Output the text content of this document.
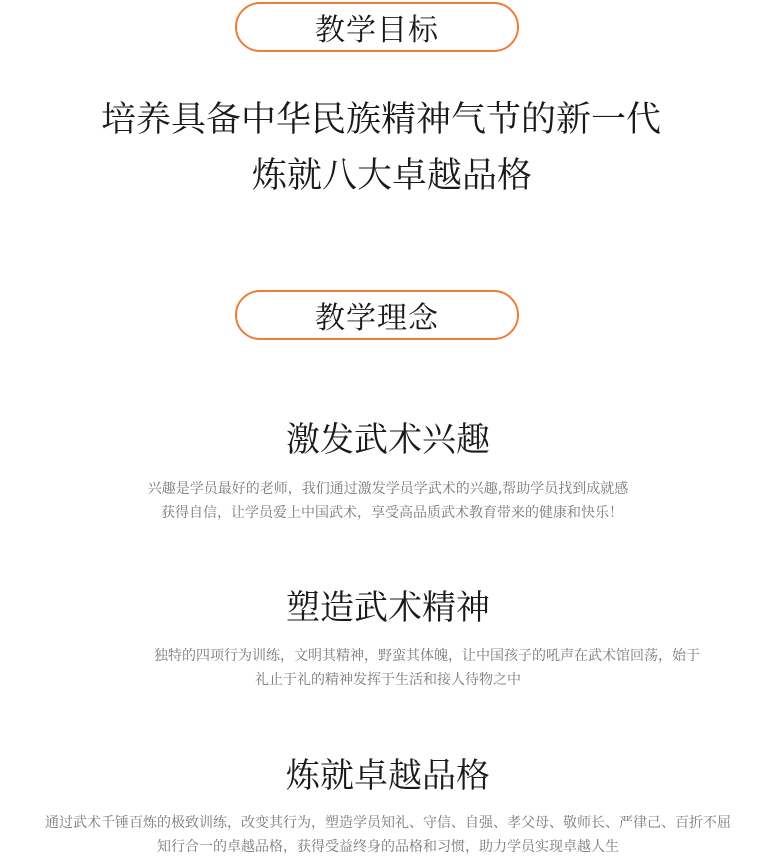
教学目标
培养具备中华民族精神气节的新一代
炼就八大卓越品格
教学理念
激发武术兴趣
兴趣是学员最好的老师，我们通过激发学员学武术的兴趣,帮助学员找到成就感
获得自信，让学员爱上中国武术，享受高品质武术教育带来的健康和快乐！
塑造武术精神
独特的四项行为训练，文明其精神，野蛮其体魄，让中国孩子的吼声在武术馆回荡，始于
礼止于礼的精神发挥于生活和接人待物之中
炼就卓越品格
通过武术千锤百炼的极致训练，改变其行为，塑造学员知礼、守信、自强、孝父母、敬师长、严律己、百折不屈
知行合一的卓越品格，获得受益终身的品格和习惯，助力学员实现卓越人生
